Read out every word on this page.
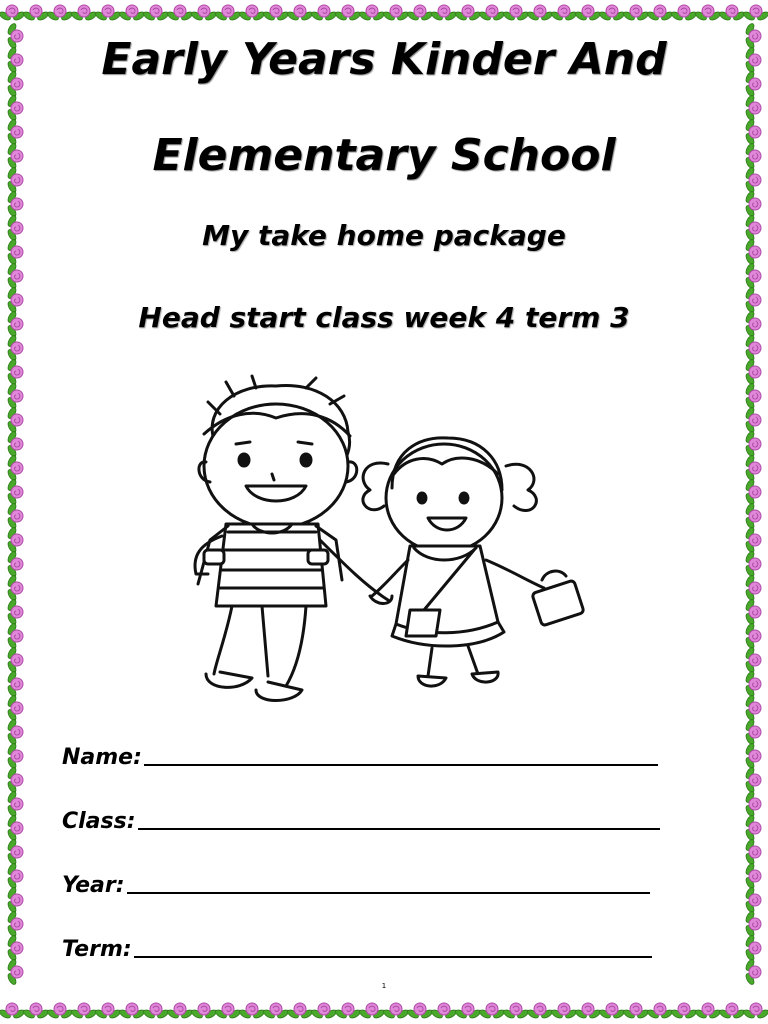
Early Years Kinder And
Elementary School
My take home package
Head start class week 4 term 3
Name:
Class:
Year:
Term:
1
